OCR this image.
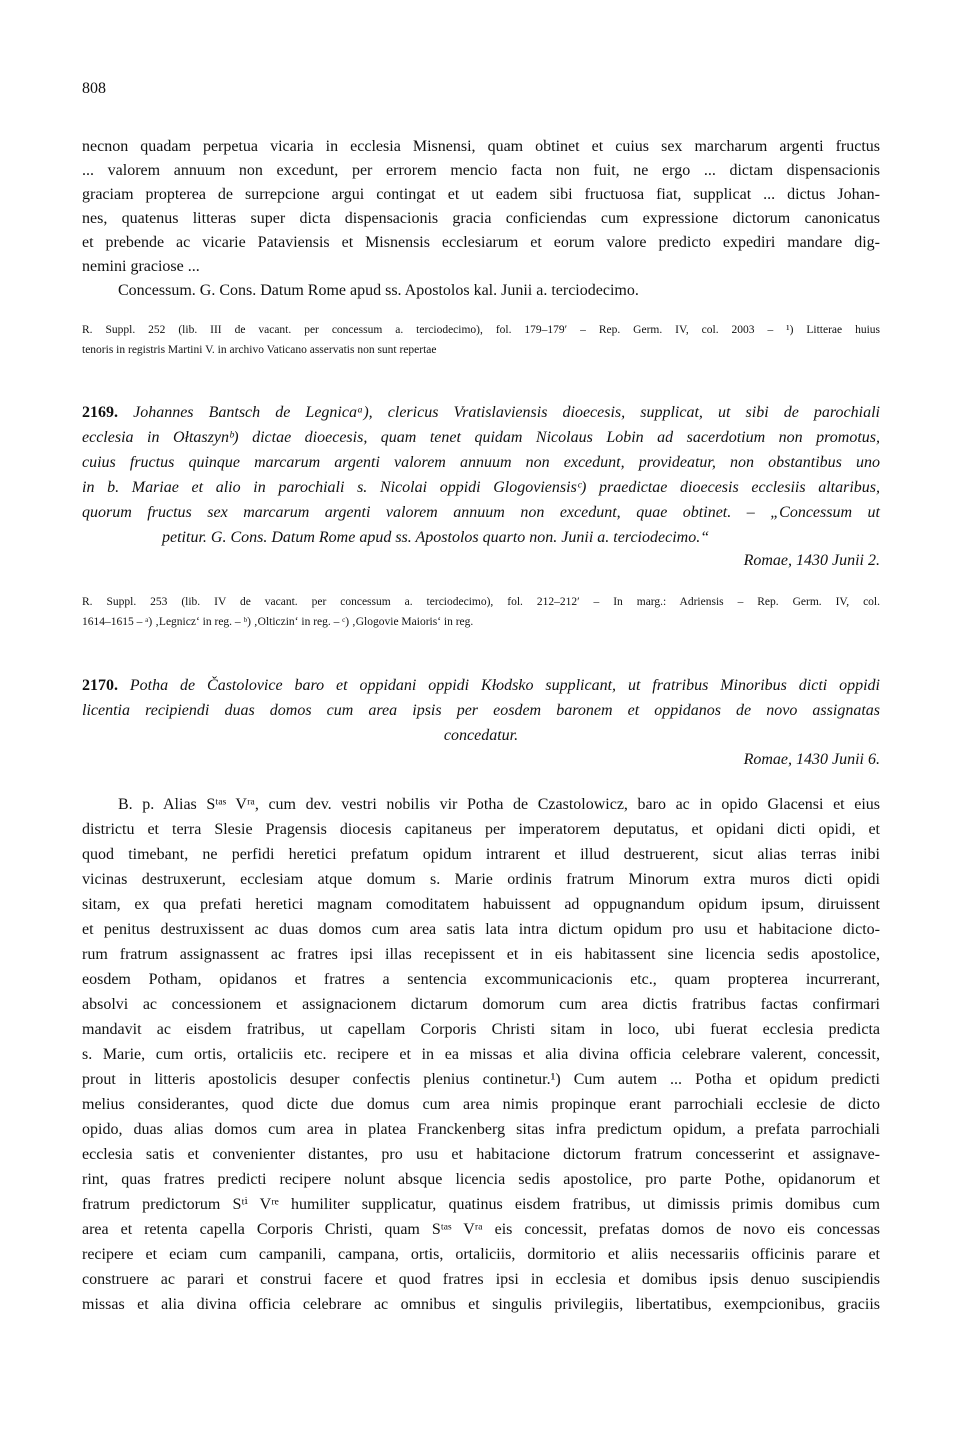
808
necnon quadam perpetua vicaria in ecclesia Misnensi, quam obtinet et cuius sex marcharum argenti fructus
... valorem annuum non excedunt, per errorem mencio facta non fuit, ne ergo ... dictam dispensacionis
graciam propterea de surrepcione argui contingat et ut eadem sibi fructuosa fiat, supplicat ... dictus Johan-
nes, quatenus litteras super dicta dispensacionis gracia conficiendas cum expressione dictorum canonicatus
et prebende ac vicarie Pataviensis et Misnensis ecclesiarum et eorum valore predicto expediri mandare dig-
nemini graciose ...
Concessum. G. Cons. Datum Rome apud ss. Apostolos kal. Junii a. terciodecimo.
R. Suppl. 252 (lib. III de vacant. per concessum a. terciodecimo), fol. 179–179′ – Rep. Germ. IV, col. 2003 – ¹) Litterae huius
tenoris in registris Martini V. in archivo Vaticano asservatis non sunt repertae
2169. Johannes Bantsch de Legnicaᵃ), clericus Vratislaviensis dioecesis, supplicat, ut sibi de parochiali
ecclesia in Ołtaszynᵇ) dictae dioecesis, quam tenet quidam Nicolaus Lobin ad sacerdotium non promotus,
cuius fructus quinque marcarum argenti valorem annuum non excedunt, provideatur, non obstantibus uno
in b. Mariae et alio in parochiali s. Nicolai oppidi Glogoviensisᶜ) praedictae dioecesis ecclesiis altaribus,
quorum fructus sex marcarum argenti valorem annuum non excedunt, quae obtinet. – „Concessum ut
petitur. G. Cons. Datum Rome apud ss. Apostolos quarto non. Junii a. terciodecimo.“
Romae, 1430 Junii 2.
R. Suppl. 253 (lib. IV de vacant. per concessum a. terciodecimo), fol. 212–212′ – In marg.: Adriensis – Rep. Germ. IV, col.
1614–1615 – ᵃ) ‚Legnicz‘ in reg. – ᵇ) ‚Olticzin‘ in reg. – ᶜ) ‚Glogovie Maioris‘ in reg.
2170. Potha de Častolovice baro et oppidani oppidi Kłodsko supplicant, ut fratribus Minoribus dicti oppidi
licentia recipiendi duas domos cum area ipsis per eosdem baronem et oppidanos de novo assignatas
concedatur.
Romae, 1430 Junii 6.
B. p. Alias Sᵗᵃˢ Vʳᵃ, cum dev. vestri nobilis vir Potha de Czastolowicz, baro ac in opido Glacensi et eius
districtu et terra Slesie Pragensis diocesis capitaneus per imperatorem deputatus, et opidani dicti opidi, et
quod timebant, ne perfidi heretici prefatum opidum intrarent et illud destruerent, sicut alias terras inibi
vicinas destruxerunt, ecclesiam atque domum s. Marie ordinis fratrum Minorum extra muros dicti opidi
sitam, ex qua prefati heretici magnam comoditatem habuissent ad oppugnandum opidum ipsum, diruissent
et penitus destruxissent ac duas domos cum area satis lata intra dictum opidum pro usu et habitacione dicto-
rum fratrum assignassent ac fratres ipsi illas recepissent et in eis habitassent sine licencia sedis apostolice,
eosdem Potham, opidanos et fratres a sentencia excommunicacionis etc., quam propterea incurrerant,
absolvi ac concessionem et assignacionem dictarum domorum cum area dictis fratribus factas confirmari
mandavit ac eisdem fratribus, ut capellam Corporis Christi sitam in loco, ubi fuerat ecclesia predicta
s. Marie, cum ortis, ortaliciis etc. recipere et in ea missas et alia divina officia celebrare valerent, concessit,
prout in litteris apostolicis desuper confectis plenius continetur.¹) Cum autem ... Potha et opidum predicti
melius considerantes, quod dicte due domus cum area nimis propinque erant parrochiali ecclesie de dicto
opido, duas alias domos cum area in platea Franckenberg sitas infra predictum opidum, a prefata parrochiali
ecclesia satis et convenienter distantes, pro usu et habitacione dictorum fratrum concesserint et assignave-
rint, quas fratres predicti recipere nolunt absque licencia sedis apostolice, pro parte Pothe, opidanorum et
fratrum predictorum Sᵗⁱ Vʳᵉ humiliter supplicatur, quatinus eisdem fratribus, ut dimissis primis domibus cum
area et retenta capella Corporis Christi, quam Sᵗᵃˢ Vʳᵃ eis concessit, prefatas domos de novo eis concessas
recipere et eciam cum campanili, campana, ortis, ortaliciis, dormitorio et aliis necessariis officinis parare et
construere ac parari et construi facere et quod fratres ipsi in ecclesia et domibus ipsis denuo suscipiendis
missas et alia divina officia celebrare ac omnibus et singulis privilegiis, libertatibus, exempcionibus, graciis
